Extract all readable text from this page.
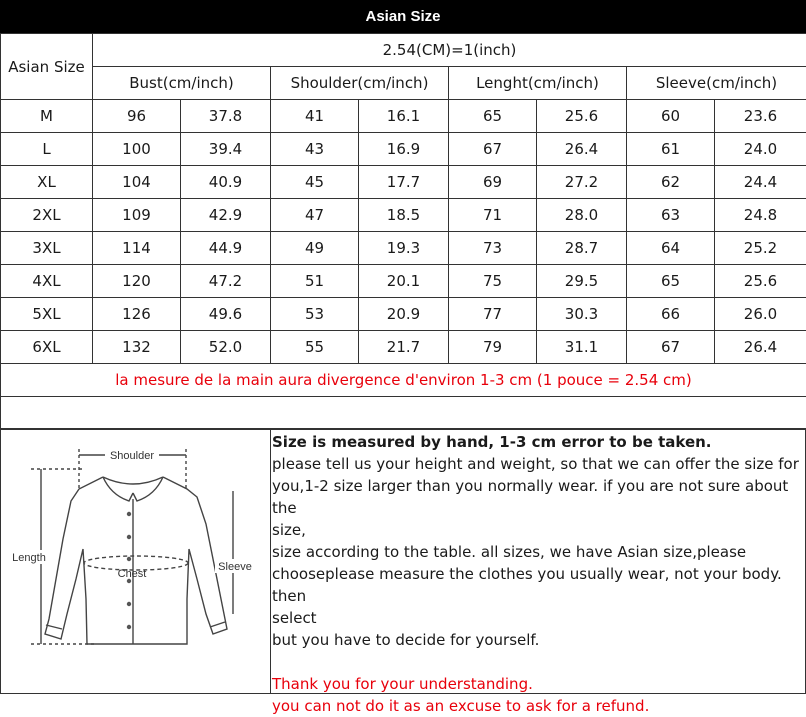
Asian Size
Asian Size	2.54(CM)=1(inch)							
	Bust(cm/inch)		Shoulder(cm/inch)		Lenght(cm/inch)		Sleeve(cm/inch)	
M	96	37.8	41	16.1	65	25.6	60	23.6
L	100	39.4	43	16.9	67	26.4	61	24.0
XL	104	40.9	45	17.7	69	27.2	62	24.4
2XL	109	42.9	47	18.5	71	28.0	63	24.8
3XL	114	44.9	49	19.3	73	28.7	64	25.2
4XL	120	47.2	51	20.1	75	29.5	65	25.6
5XL	126	49.6	53	20.9	77	30.3	66	26.0
6XL	132	52.0	55	21.7	79	31.1	67	26.4
la mesure de la main aura divergence d'environ 1-3 cm (1 pouce = 2.54 cm)								

Shoulder
Length
Chest
Sleeve

Size is measured by hand, 1-3 cm error to be taken.

please tell us your height and weight, so that we can offer the size for

you,1-2 size larger than you normally wear. if you are not sure about the

size,

size according to the table. all sizes, we have Asian size,please

chooseplease measure the clothes you usually wear, not your body. then

select

but you have to decide for yourself.

Thank you for your understanding.

you can not do it as an excuse to ask for a refund.
